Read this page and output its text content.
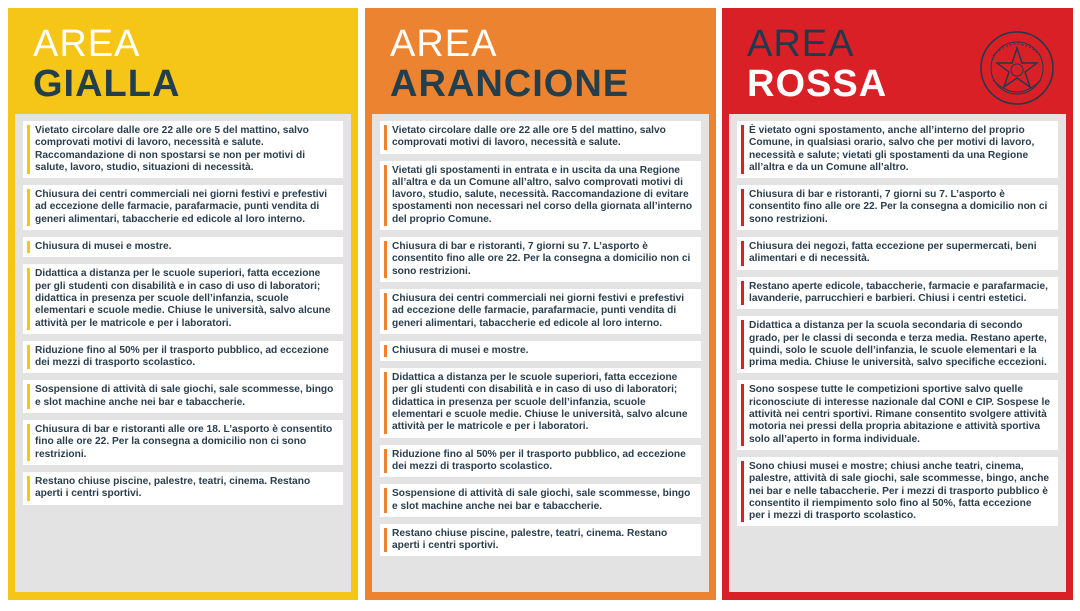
AREA
GIALLA
Vietato circolare dalle ore 22 alle ore 5 del mattino, salvo comprovati motivi di lavoro, necessità e salute. Raccomandazione di non spostarsi se non per motivi di salute, lavoro, studio, situazioni di necessità.
Chiusura dei centri commerciali nei giorni festivi e prefestivi ad eccezione delle farmacie, parafarmacie, punti vendita di generi alimentari, tabaccherie ed edicole al loro interno.
Chiusura di musei e mostre.
Didattica a distanza per le scuole superiori, fatta eccezione per gli studenti con disabilità e in caso di uso di laboratori; didattica in presenza per scuole dell’infanzia, scuole elementari e scuole medie. Chiuse le università, salvo alcune attività per le matricole e per i laboratori.
Riduzione fino al 50% per il trasporto pubblico, ad eccezione dei mezzi di trasporto scolastico.
Sospensione di attività di sale giochi, sale scommesse, bingo e slot machine anche nei bar e tabaccherie.
Chiusura di bar e ristoranti alle ore 18. L’asporto è consentito fino alle ore 22. Per la consegna a domicilio non ci sono restrizioni.
Restano chiuse piscine, palestre, teatri, cinema. Restano aperti i centri sportivi.
AREA
ARANCIONE
Vietato circolare dalle ore 22 alle ore 5 del mattino, salvo comprovati motivi di lavoro, necessità e salute.
Vietati gli spostamenti in entrata e in uscita da una Regione all’altra e da un Comune all’altro, salvo comprovati motivi di lavoro, studio, salute, necessità. Raccomandazione di evitare spostamenti non necessari nel corso della giornata all’interno del proprio Comune.
Chiusura di bar e ristoranti, 7 giorni su 7. L’asporto è consentito fino alle ore 22. Per la consegna a domicilio non ci sono restrizioni.
Chiusura dei centri commerciali nei giorni festivi e prefestivi ad eccezione delle farmacie, parafarmacie, punti vendita di generi alimentari, tabaccherie ed edicole al loro interno.
Chiusura di musei e mostre.
Didattica a distanza per le scuole superiori, fatta eccezione per gli studenti con disabilità e in caso di uso di laboratori; didattica in presenza per scuole dell’infanzia, scuole elementari e scuole medie. Chiuse le università, salvo alcune attività per le matricole e per i laboratori.
Riduzione fino al 50% per il trasporto pubblico, ad eccezione dei mezzi di trasporto scolastico.
Sospensione di attività di sale giochi, sale scommesse, bingo e slot machine anche nei bar e tabaccherie.
Restano chiuse piscine, palestre, teatri, cinema. Restano aperti i centri sportivi.
AREA
ROSSA
È vietato ogni spostamento, anche all’interno del proprio Comune, in qualsiasi orario, salvo che per motivi di lavoro, necessità e salute; vietati gli spostamenti da una Regione all’altra e da un Comune all’altro.
Chiusura di bar e ristoranti, 7 giorni su 7. L’asporto è consentito fino alle ore 22. Per la consegna a domicilio non ci sono restrizioni.
Chiusura dei negozi, fatta eccezione per supermercati, beni alimentari e di necessità.
Restano aperte edicole, tabaccherie, farmacie e parafarmacie, lavanderie, parrucchieri e barbieri. Chiusi i centri estetici.
Didattica a distanza per la scuola secondaria di secondo grado, per le classi di seconda e terza media. Restano aperte, quindi, solo le scuole dell’infanzia, le scuole elementari e la prima media. Chiuse le università, salvo specifiche eccezioni.
Sono sospese tutte le competizioni sportive salvo quelle riconosciute di interesse nazionale dal CONI e CIP. Sospese le attività nei centri sportivi. Rimane consentito svolgere attività motoria nei pressi della propria abitazione e attività sportiva solo all’aperto in forma individuale.
Sono chiusi musei e mostre; chiusi anche teatri, cinema, palestre, attività di sale giochi, sale scommesse, bingo, anche nei bar e nelle tabaccherie. Per i mezzi di trasporto pubblico è consentito il riempimento solo fino al 50%, fatta eccezione per i mezzi di trasporto scolastico.
